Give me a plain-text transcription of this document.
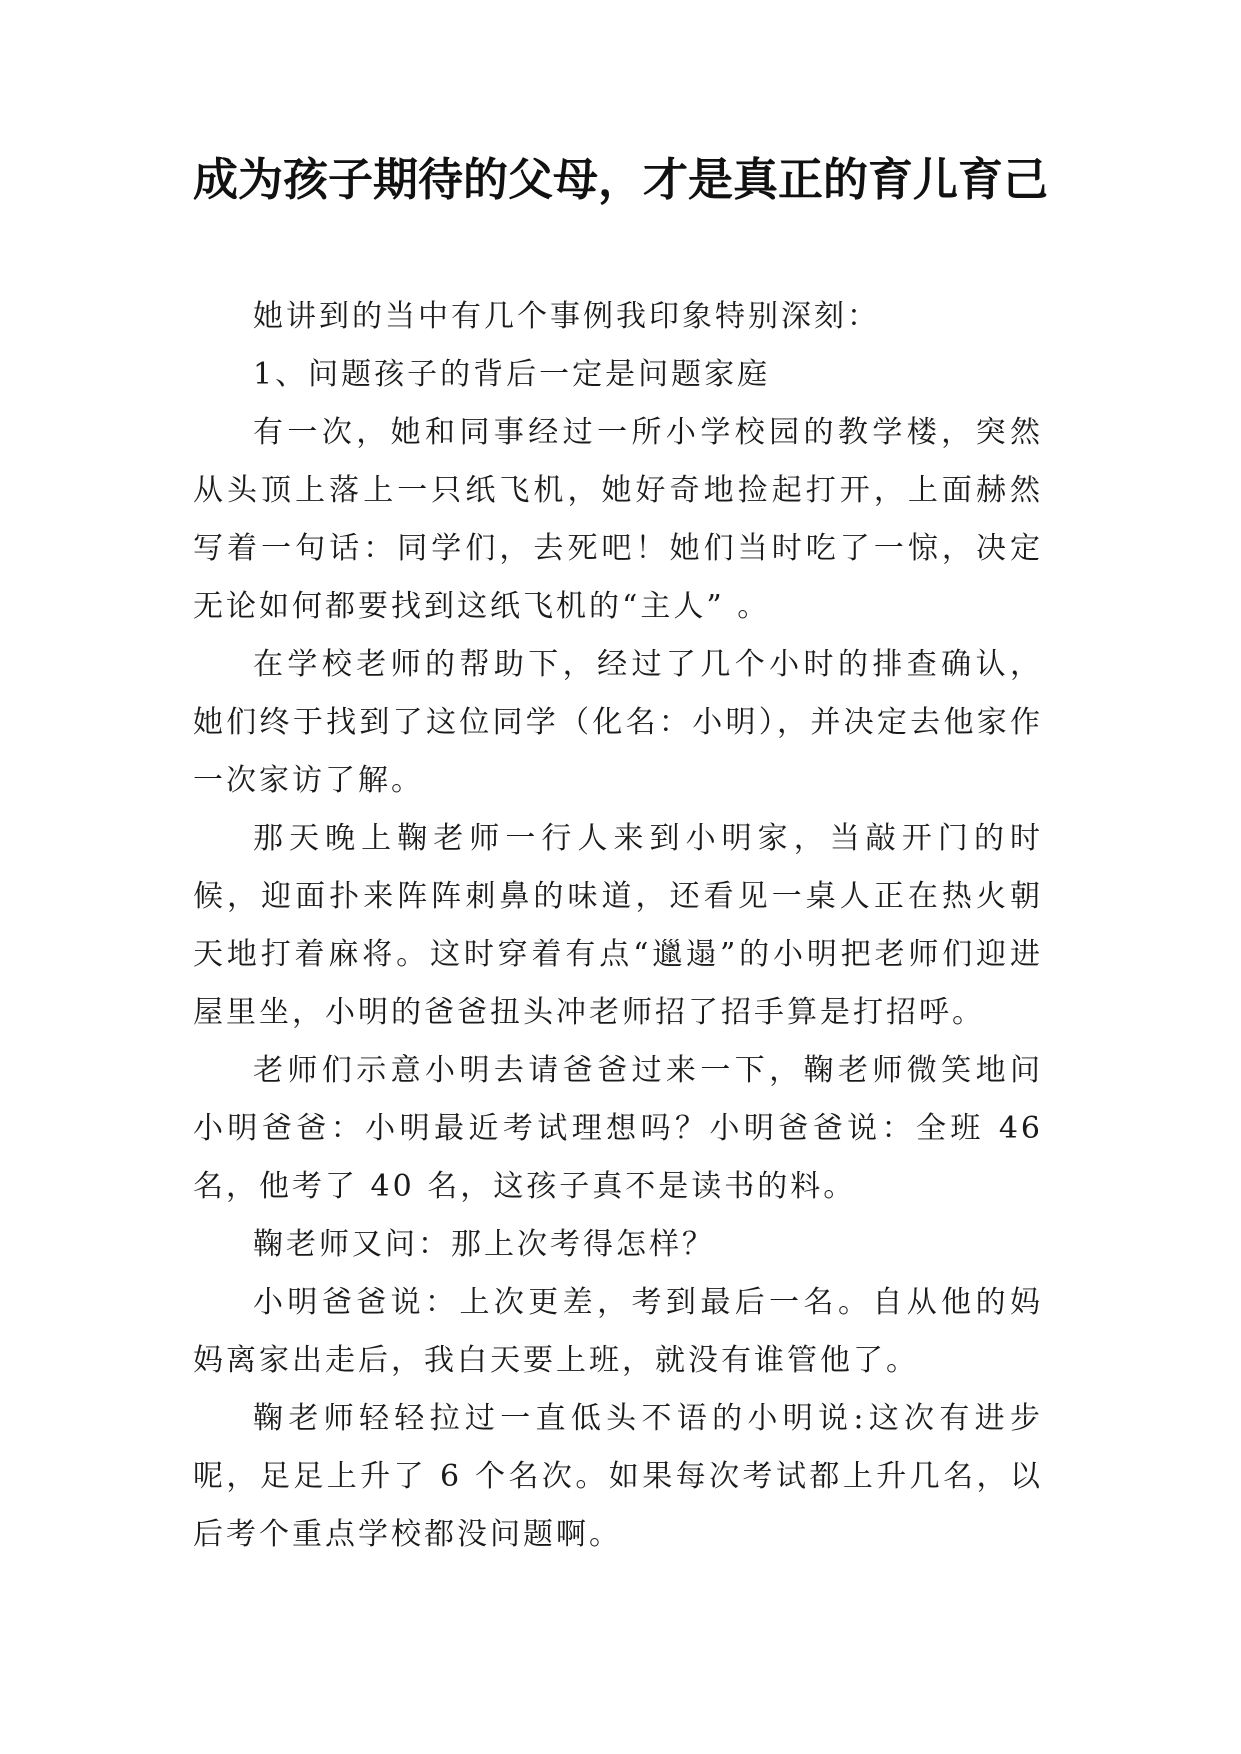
成为孩子期待的父母，才是真正的育儿育己

她讲到的当中有几个事例我印象特别深刻：

1、问题孩子的背后一定是问题家庭

有一次，她和同事经过一所小学校园的教学楼，突然从头顶上落上一只纸飞机，她好奇地捡起打开，上面赫然写着一句话：同学们，去死吧！她们当时吃了一惊，决定无论如何都要找到这纸飞机的“主人” 。

在学校老师的帮助下，经过了几个小时的排查确认，她们终于找到了这位同学（化名：小明），并决定去他家作一次家访了解。

那天晚上鞠老师一行人来到小明家，当敲开门的时候，迎面扑来阵阵刺鼻的味道，还看见一桌人正在热火朝天地打着麻将。这时穿着有点“邋遢”的小明把老师们迎进屋里坐，小明的爸爸扭头冲老师招了招手算是打招呼。

老师们示意小明去请爸爸过来一下，鞠老师微笑地问小明爸爸：小明最近考试理想吗？小明爸爸说：全班 46 名，他考了 40 名，这孩子真不是读书的料。

鞠老师又问：那上次考得怎样？

小明爸爸说：上次更差，考到最后一名。自从他的妈妈离家出走后，我白天要上班，就没有谁管他了。

鞠老师轻轻拉过一直低头不语的小明说:这次有进步呢，足足上升了 6 个名次。如果每次考试都上升几名，以后考个重点学校都没问题啊。
